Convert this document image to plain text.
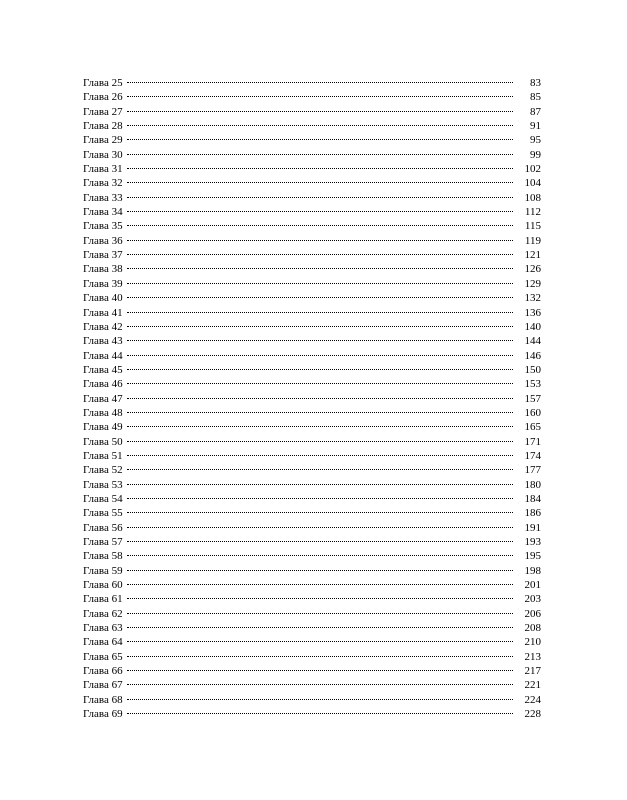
Глава 25	83
Глава 26	85
Глава 27	87
Глава 28	91
Глава 29	95
Глава 30	99
Глава 31	102
Глава 32	104
Глава 33	108
Глава 34	112
Глава 35	115
Глава 36	119
Глава 37	121
Глава 38	126
Глава 39	129
Глава 40	132
Глава 41	136
Глава 42	140
Глава 43	144
Глава 44	146
Глава 45	150
Глава 46	153
Глава 47	157
Глава 48	160
Глава 49	165
Глава 50	171
Глава 51	174
Глава 52	177
Глава 53	180
Глава 54	184
Глава 55	186
Глава 56	191
Глава 57	193
Глава 58	195
Глава 59	198
Глава 60	201
Глава 61	203
Глава 62	206
Глава 63	208
Глава 64	210
Глава 65	213
Глава 66	217
Глава 67	221
Глава 68	224
Глава 69	228
